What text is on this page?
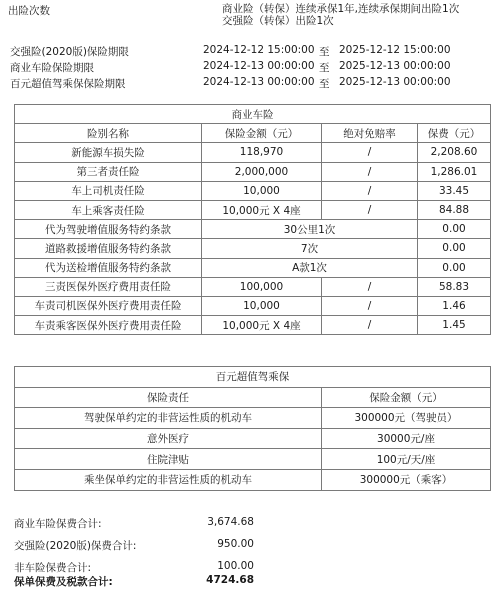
出险次数	商业险（转保）连续承保1年,连续承保期间出险1次
交强险（转保）出险1次
交强险(2020版)保险期限	2024-12-12 15:00:00 至 2025-12-12 15:00:00
商业车险保险期限	2024-12-13 00:00:00 至 2025-12-13 00:00:00
百元超值驾乘保保险期限	2024-12-13 00:00:00 至 2025-12-13 00:00:00
商业车险			
险别名称	保险金额（元）	绝对免赔率	保费（元）
新能源车损失险	118,970	/	2,208.60
第三者责任险	2,000,000	/	1,286.01
车上司机责任险	10,000	/	33.45
车上乘客责任险	10,000元 X 4座	/	84.88
代为驾驶增值服务特约条款	30公里1次		0.00
道路救援增值服务特约条款	7次		0.00
代为送检增值服务特约条款	A款1次		0.00
三责医保外医疗费用责任险	100,000	/	58.83
车责司机医保外医疗费用责任险	10,000	/	1.46
车责乘客医保外医疗费用责任险	10,000元 X 4座	/	1.45
百元超值驾乘保	
保险责任	保险金额（元）
驾驶保单约定的非营运性质的机动车	300000元（驾驶员）
意外医疗	30000元/座
住院津贴	100元/天/座
乘坐保单约定的非营运性质的机动车	300000元（乘客）
商业车险保费合计:	3,674.68
交强险(2020版)保费合计:	950.00
非车险保费合计:	100.00
保单保费及税款合计:	4724.68
